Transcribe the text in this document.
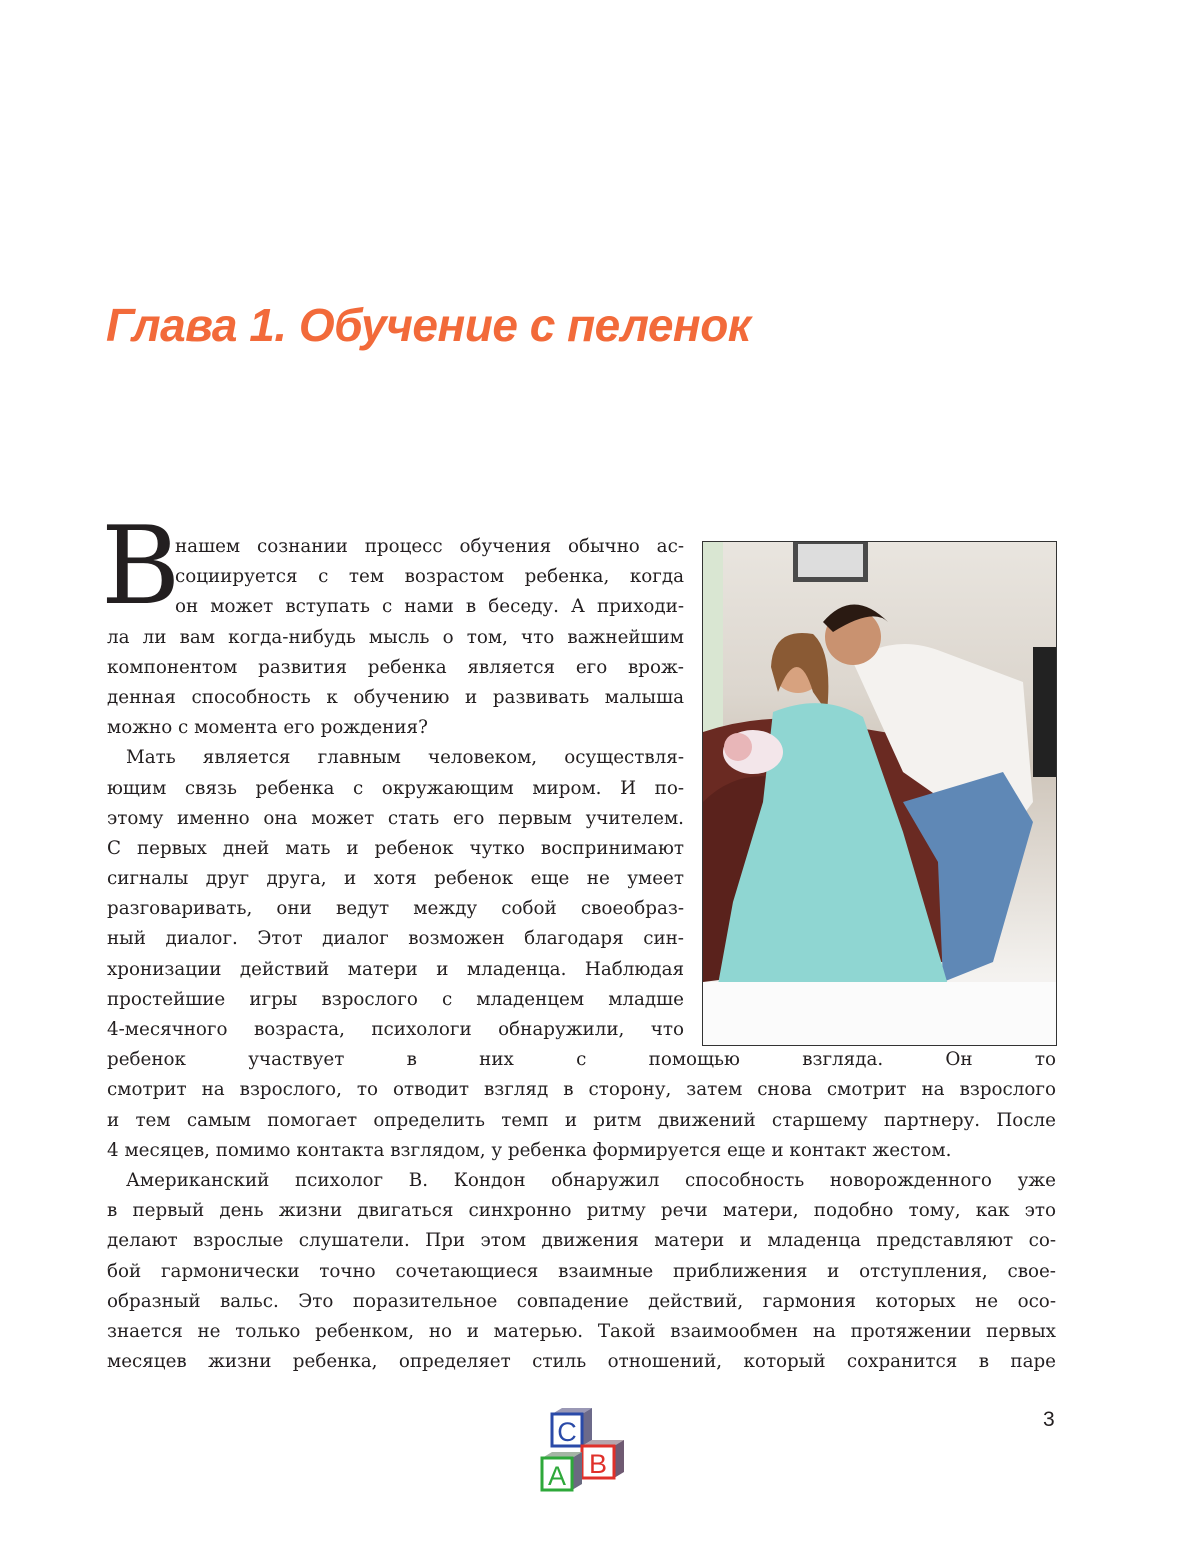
Глава 1. Обучение с пеленок
В
нашем сознании процесс обучения обычно ас-
социируется с тем возрастом ребенка, когда
он может вступать с нами в беседу. А приходи-
ла ли вам когда-нибудь мысль о том, что важнейшим
компонентом развития ребенка является его врож-
денная способность к обучению и развивать малыша
можно с момента его рождения?
Мать является главным человеком, осуществля-
ющим связь ребенка с окружающим миром. И по-
этому именно она может стать его первым учителем.
С первых дней мать и ребенок чутко воспринимают
сигналы друг друга, и хотя ребенок еще не умеет
разговаривать, они ведут между собой своеобраз-
ный диалог. Этот диалог возможен благодаря син-
хронизации действий матери и младенца. Наблюдая
простейшие игры взрослого с младенцем младше
4-месячного возраста, психологи обнаружили, что
ребенок участвует в них с помощью взгляда. Он то
смотрит на взрослого, то отводит взгляд в сторону, затем снова смотрит на взрослого
и тем самым помогает определить темп и ритм движений старшему партнеру. После
4 месяцев, помимо контакта взглядом, у ребенка формируется еще и контакт жестом.
Американский психолог В. Кондон обнаружил способность новорожденного уже
в первый день жизни двигаться синхронно ритму речи матери, подобно тому, как это
делают взрослые слушатели. При этом движения матери и младенца представляют со-
бой гармонически точно сочетающиеся взаимные приближения и отступления, свое-
образный вальс. Это поразительное совпадение действий, гармония которых не осо-
знается не только ребенком, но и матерью. Такой взаимообмен на протяжении первых
месяцев жизни ребенка, определяет стиль отношений, который сохранится в паре
C
B
A
3
